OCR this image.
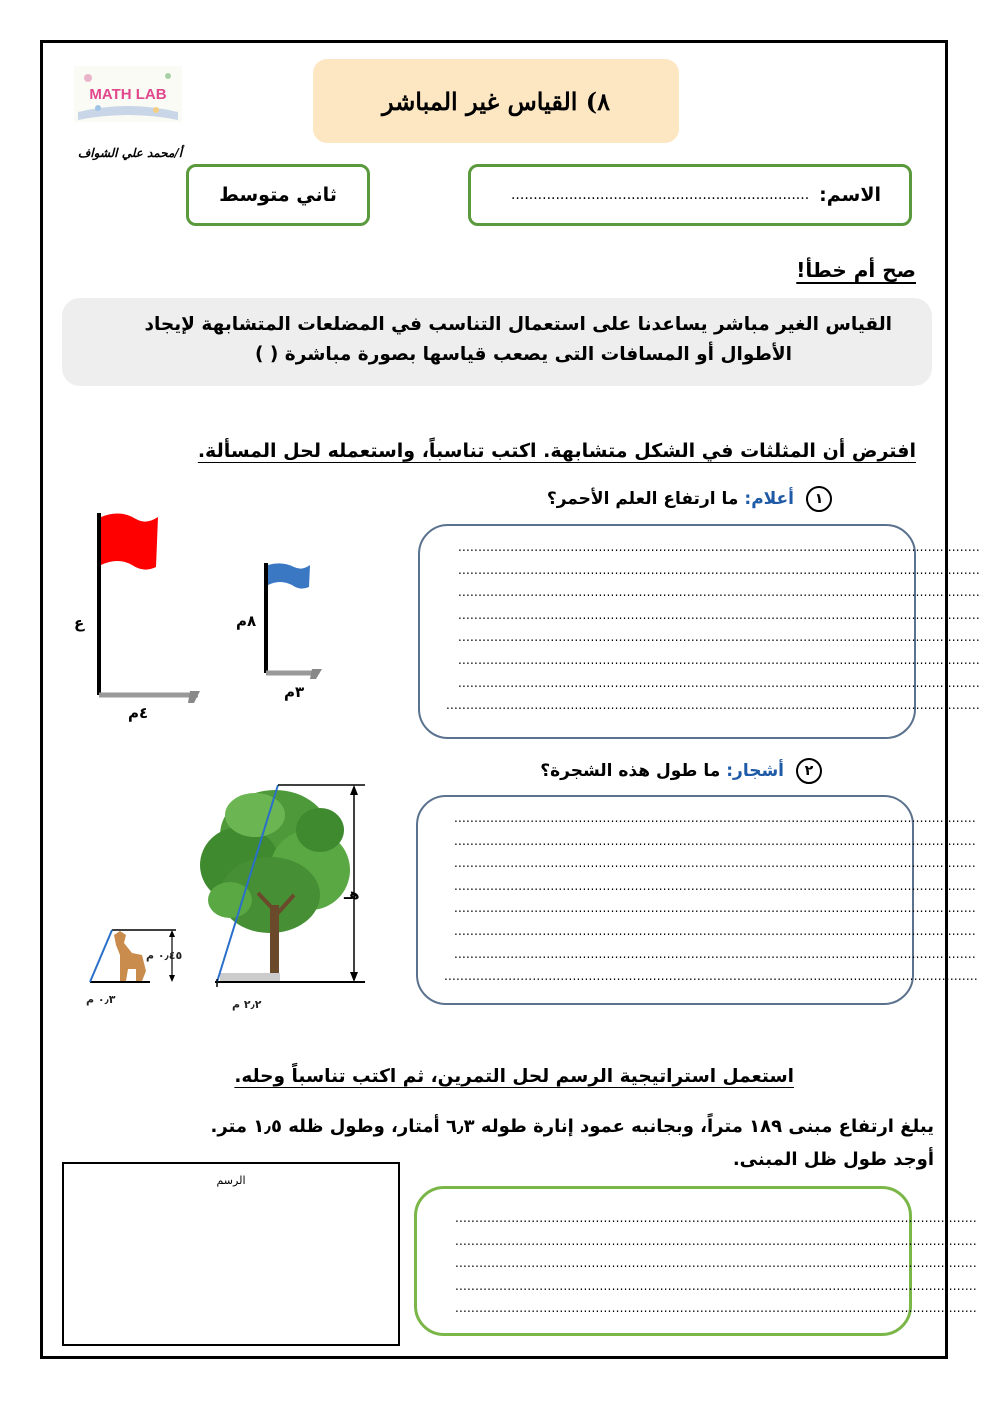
MATH LAB
أ/محمد علي الشواف
٨) القياس غير المباشر
ثاني متوسط	الاسم:
...................................................................
صح أم خطأ!
القياس الغير مباشر يساعدنا على استعمال التناسب في المضلعات المتشابهة لإيجاد
الأطوال أو المسافات التى يصعب قياسها بصورة مباشرة ( )
افترض أن المثلثات في الشكل متشابهة. اكتب تناسباً، واستعمله لحل المسألة.
١
أعلام:
ما ارتفاع العلم الأحمر؟
..................................................................................................................................
..................................................................................................................................
..................................................................................................................................
..................................................................................................................................
..................................................................................................................................
..................................................................................................................................
..................................................................................................................................
.....................................................................................................................................
ع
٤م
٨م
٣م
٢
أشجار:
ما طول هذه الشجرة؟
..................................................................................................................................
..................................................................................................................................
..................................................................................................................................
..................................................................................................................................
..................................................................................................................................
..................................................................................................................................
..................................................................................................................................
.....................................................................................................................................
هـ
٢٫٢ م
٠٫٤٥ م
٠٫٣ م
استعمل استراتيجية الرسم لحل التمرين، ثم اكتب تناسباً وحله.
يبلغ ارتفاع مبنى ١٨٩ متراً، وبجانبه عمود إنارة طوله ٦٫٣ أمتار، وطول ظله ١٫٥ متر.
أوجد طول ظل المبنى.
الرسم
..................................................................................................................................
..................................................................................................................................
..................................................................................................................................
..................................................................................................................................
..................................................................................................................................
